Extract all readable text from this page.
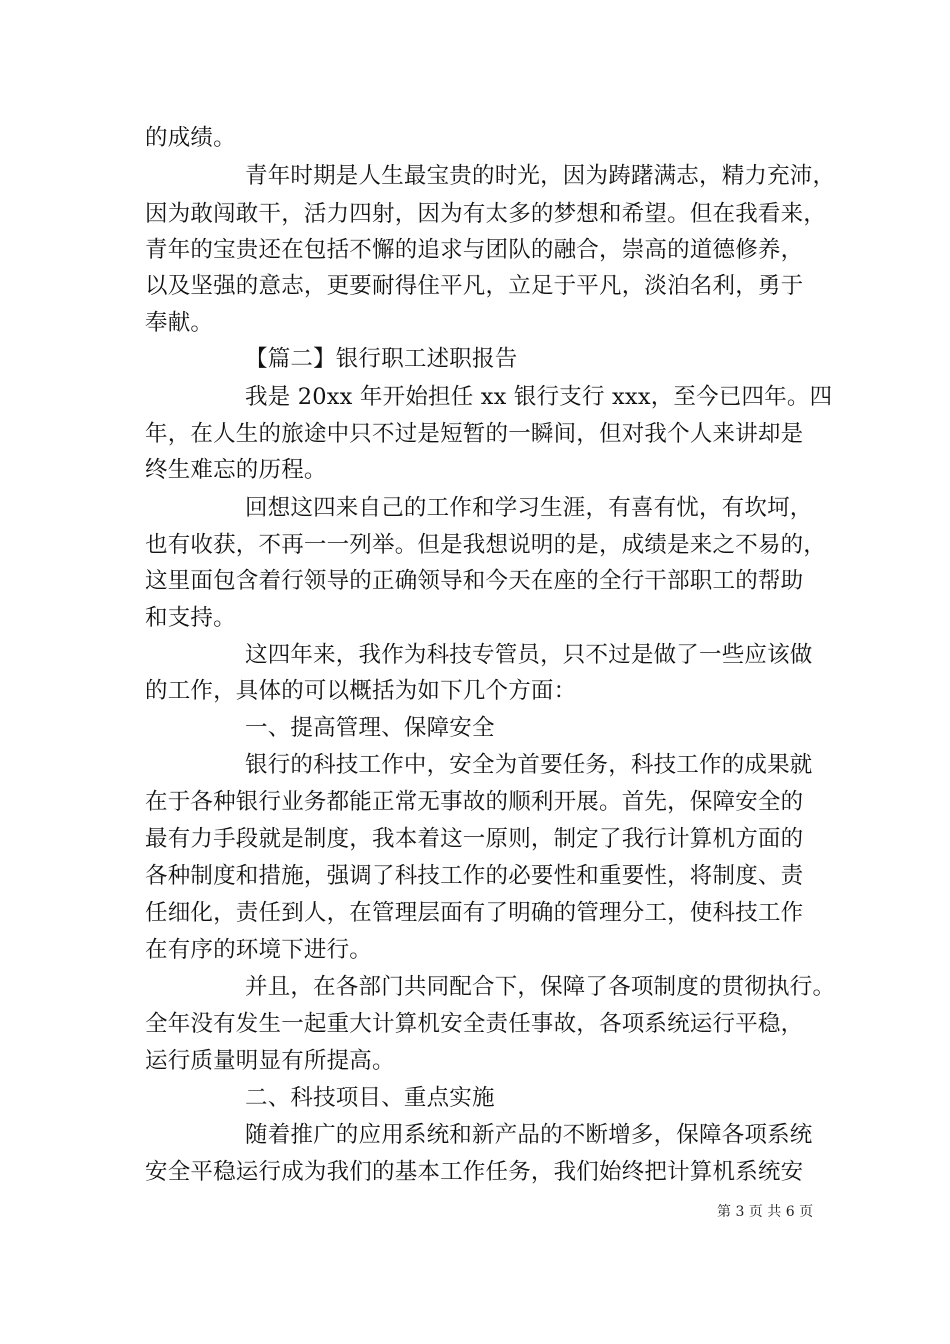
的成绩。
青年时期是人生最宝贵的时光，因为踌躇满志，精力充沛，
因为敢闯敢干，活力四射，因为有太多的梦想和希望。但在我看来，
青年的宝贵还在包括不懈的追求与团队的融合，崇高的道德修养，
以及坚强的意志，更要耐得住平凡，立足于平凡，淡泊名利，勇于
奉献。
【篇二】银行职工述职报告
我是 20xx 年开始担任 xx 银行支行 xxx，至今已四年。四
年，在人生的旅途中只不过是短暂的一瞬间，但对我个人来讲却是
终生难忘的历程。
回想这四来自己的工作和学习生涯，有喜有忧，有坎坷，
也有收获，不再一一列举。但是我想说明的是，成绩是来之不易的，
这里面包含着行领导的正确领导和今天在座的全行干部职工的帮助
和支持。
这四年来，我作为科技专管员，只不过是做了一些应该做
的工作，具体的可以概括为如下几个方面：
一、提高管理、保障安全
银行的科技工作中，安全为首要任务，科技工作的成果就
在于各种银行业务都能正常无事故的顺利开展。首先，保障安全的
最有力手段就是制度，我本着这一原则，制定了我行计算机方面的
各种制度和措施，强调了科技工作的必要性和重要性，将制度、责
任细化，责任到人，在管理层面有了明确的管理分工，使科技工作
在有序的环境下进行。
并且，在各部门共同配合下，保障了各项制度的贯彻执行。
全年没有发生一起重大计算机安全责任事故，各项系统运行平稳，
运行质量明显有所提高。
二、科技项目、重点实施
随着推广的应用系统和新产品的不断增多，保障各项系统
安全平稳运行成为我们的基本工作任务，我们始终把计算机系统安
第 3 页 共 6 页
